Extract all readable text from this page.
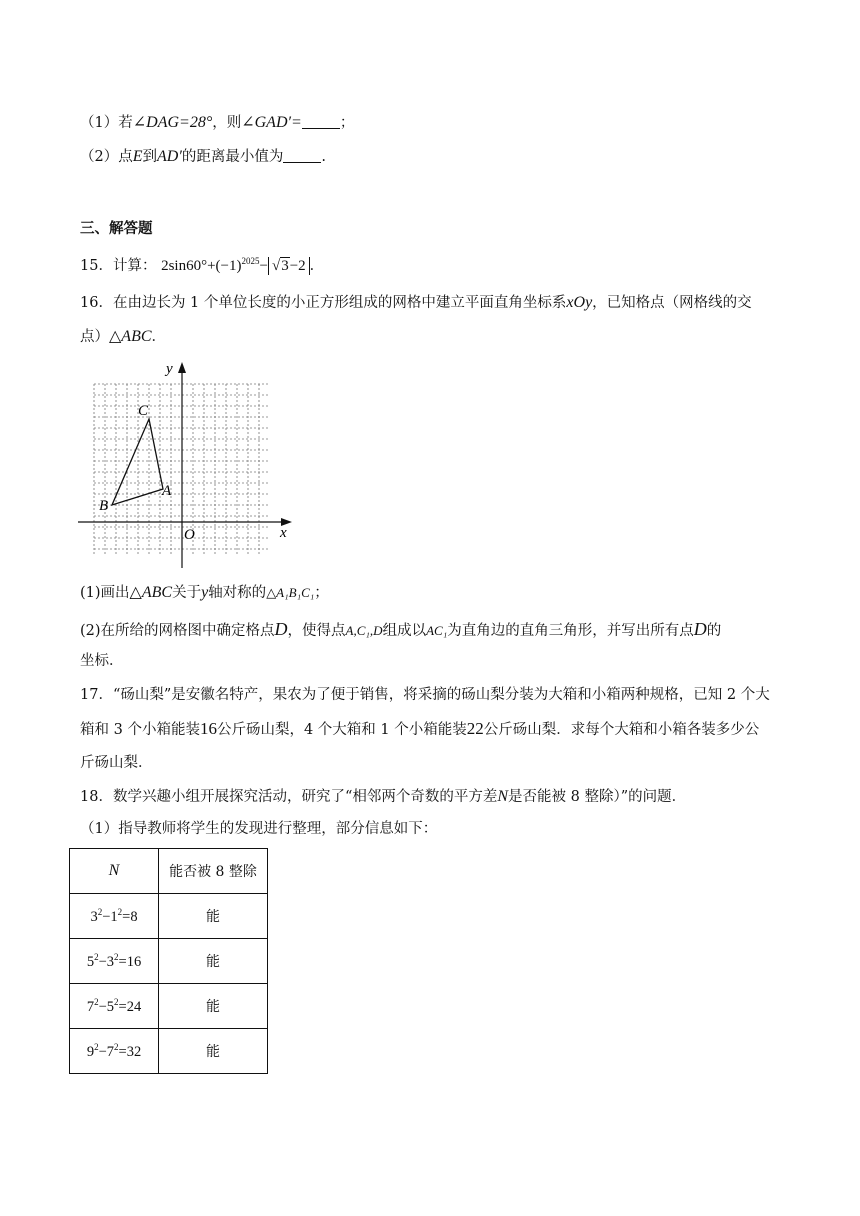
（1）若∠DAG=28°，则∠GAD′=	；
（2）点E到AD′的距离最小值为	.
三、解答题
15．计算： $2\sin 60^\circ+(-1)^{2025}- √3-2$ ．
16．在由边长为 1 个单位长度的小正方形组成的网格中建立平面直角坐标系xOy，已知格点（网格线的交
点）△ABC．
y
x
O
C
A
B
(1)画出△ABC关于y轴对称的△A₁B₁C₁；
(2)在所给的网格图中确定格点D，使得点A,C₁,D组成以AC₁为直角边的直角三角形，并写出所有点D的
坐标．
17．“砀山梨”是安徽名特产，果农为了便于销售，将采摘的砀山梨分装为大箱和小箱两种规格，已知 2 个大
箱和 3 个小箱能装16公斤砀山梨，4 个大箱和 1 个小箱能装22公斤砀山梨．求每个大箱和小箱各装多少公
斤砀山梨．
18．数学兴趣小组开展探究活动，研究了“相邻两个奇数的平方差N是否能被 8 整除）”的问题．
（1）指导教师将学生的发现进行整理，部分信息如下：
N	能否被 8 整除
$3^2-1^2=8$	能
$5^2-3^2=16$	能
$7^2-5^2=24$	能
$9^2-7^2=32$	能
